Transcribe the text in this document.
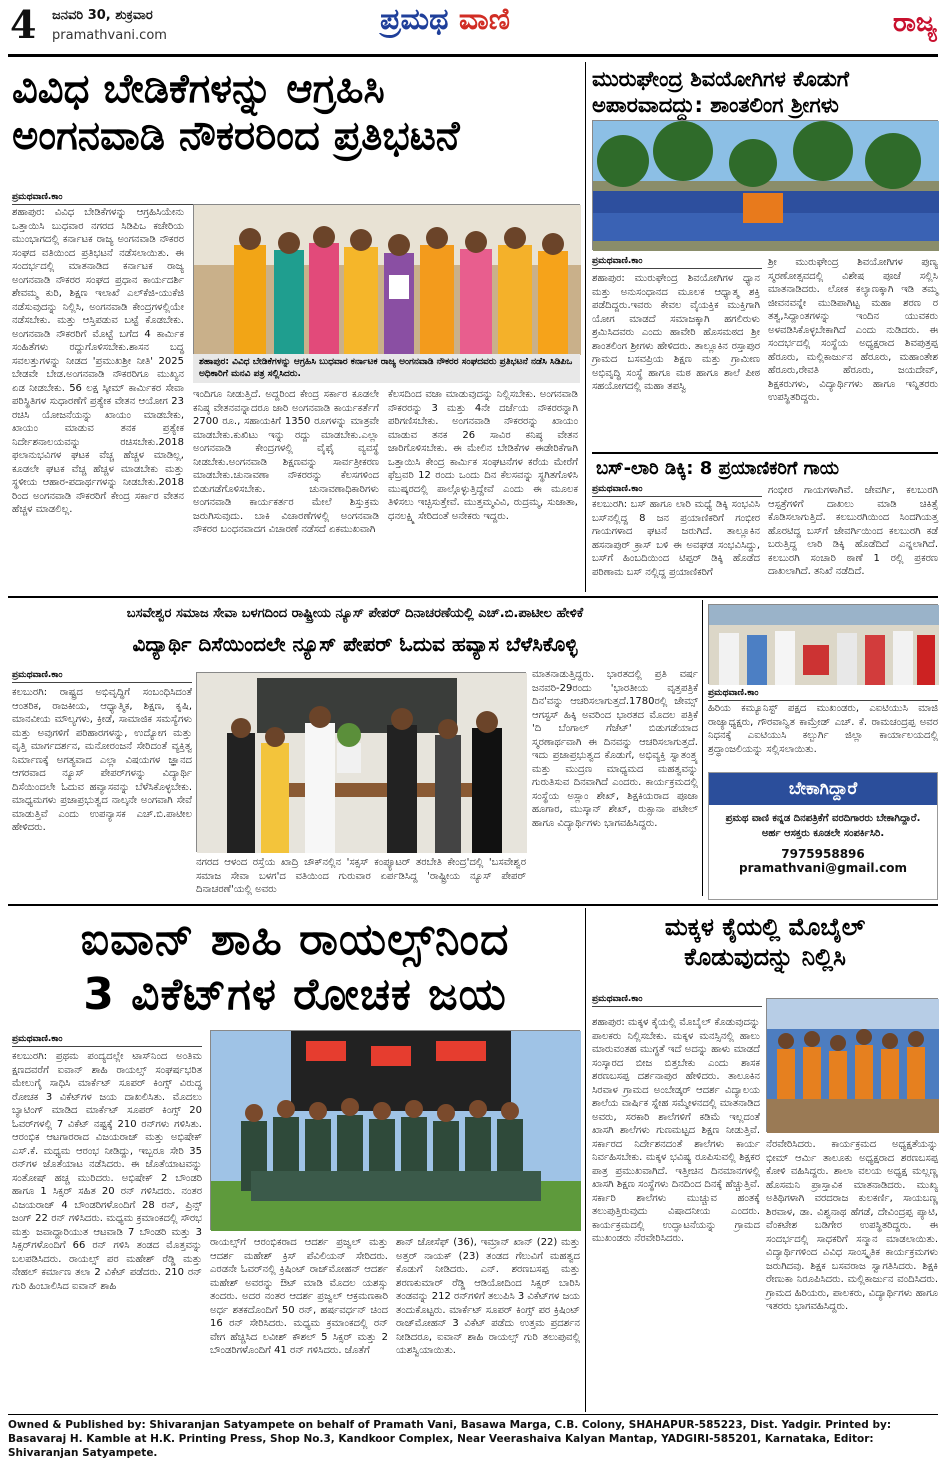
4 ಜನವರಿ 30, ಶುಕ್ರವಾರ
pramathvani.com	ಪ್ರಮಥ ವಾಣಿ	ರಾಜ್ಯ
ವಿವಿಧ ಬೇಡಿಕೆಗಳನ್ನು ಆಗ್ರಹಿಸಿ
ಅಂಗನವಾಡಿ ನೌಕರರಿಂದ ಪ್ರತಿಭಟನೆ
ಪ್ರಮಥವಾಣಿ.ಕಾಂ
ಶಹಾಪುರ: ವಿವಿಧ ಬೇಡಿಕೆಗಳನ್ನು ಆಗ್ರಹಿಸಿಯೇನು ಒತ್ತಾಯಿಸಿ ಬುಧವಾರ ನಗರದ ಸಿಡಿಪಿಒ ಕಚೇರಿಯ ಮುಂಭಾಗದಲ್ಲಿ ಕರ್ನಾಟಕ ರಾಜ್ಯ ಅಂಗನವಾಡಿ ನೌಕರರ ಸಂಘದ ವತಿಯಿಂದ ಪ್ರತಿಭಟನೆ ನಡೆಸಲಾಯಿತು. ಈ ಸಂದರ್ಭದಲ್ಲಿ ಮಾತನಾಡಿದ ಕರ್ನಾಟಕ ರಾಜ್ಯ ಅಂಗನವಾಡಿ ನೌಕರರ ಸಂಘದ ಪ್ರಧಾನ ಕಾರ್ಯದರ್ಶಿ ಶೇವಮ್ಮ ಕುರಿ, ಶಿಕ್ಷಣ ಇಲಾಖೆ ಎಲ್‌ಕೆಜಿ-ಯುಕೆಜಿ ನಡೆಸುವುದನ್ನು ನಿಲ್ಲಿಸಿ, ಅಂಗನವಾಡಿ ಕೇಂದ್ರಗಳಲ್ಲಿಯೇ ನಡೆಸಬೇಕು. ಮತ್ತು ಆಸ್ತಿಪಡುವ ಬಟ್ಟೆ ಕೊಡಬೇಕು. ಅಂಗನವಾಡಿ ನೌಕರರಿಗೆ ಮೊಟ್ಟೆ ಬಗೆದ 4 ಕಾರ್ಮಿಕ ಸಂಹಿತೆಗಳು ರದ್ದುಗೊಳಿಸಬೇಕು.ಶಾಸನ ಬದ್ಧ ಸವಲತ್ತುಗಳನ್ನು ನೀಡದ 'ಪ್ರಮುಖಶ್ರೀ ನೀತಿ' 2025 ಬೇಡವೇ ಬೇಡ.ಅಂಗನವಾಡಿ ನೌಕರರಿಗೂ ಮುಖ್ಯನ ಏಡ ನೀಡಬೇಕು. 56 ಲಕ್ಷ ಸ್ಕೀಮ್ ಕಾರ್ಮಿಕರ ಸೇವಾ ಪರಿಸ್ಥಿತಿಗಳ ಸುಧಾರಣೆಗೆ ಪ್ರತ್ಯೇಕ ವೇತನ ಆಯೋಗ 23 ರಚಿಸಿ ಯೋಜನೆಯನ್ನು ಖಾಯಂ ಮಾಡಬೇಕು, ಖಾಯಂ ಮಾಡುವ ತನಕ ಪ್ರತ್ಯೇಕ ನಿರ್ದೇಶನಾಲಯವನ್ನು ರಚಿಸಬೇಕು.2018 ಫಲಾನುಭವಿಗಳ ಘಟಕ ವೆಚ್ಚ ಹೆಚ್ಚಳ ಮಾಡಿಲ್ಲ, ಕೂಡಲೇ ಘಟಕ ವೆಚ್ಚ ಹೆಚ್ಚಳ ಮಾಡಬೇಕು ಮತ್ತು ಸ್ಥಳೀಯ ಆಹಾರ-ಪದಾರ್ಥಗಳನ್ನು ನೀಡಬೇಕು.2018 ರಿಂದ ಅಂಗನವಾಡಿ ನೌಕರರಿಗೆ ಕೇಂದ್ರ ಸರ್ಕಾರ ವೇತನ ಹೆಚ್ಚಳ ಮಾಡಲಿಲ್ಲ.
ಶಹಾಪುರ: ವಿವಿಧ ಬೇಡಿಕೆಗಳನ್ನು ಆಗ್ರಹಿಸಿ ಬುಧವಾರ ಕರ್ನಾಟಕ ರಾಜ್ಯ ಅಂಗನವಾಡಿ ನೌಕರರ ಸಂಘದವರು ಪ್ರತಿಭಟನೆ ನಡೆಸಿ ಸಿಡಿಪಿಒ ಅಧಿಕಾರಿಗೆ ಮನವಿ ಪತ್ರ ಸಲ್ಲಿಸಿದರು.
ಇಂದಿಗೂ ನೀಡುತ್ತಿದೆ. ಅದ್ದರಿಂದ ಕೇಂದ್ರ ಸರ್ಕಾರ ಕೂಡಲೇ ಕನಿಷ್ಠ ವೇತನವನ್ನಾದರೂ ಜಾರಿ ಅಂಗನವಾಡಿ ಕಾರ್ಯಕರ್ತೆಗೆ 2700 ರೂ., ಸಹಾಯಕಿಗೆ 1350 ರೂಗಳನ್ನು ಮಾತ್ರವೇ ಮಾಡಬೇಕು.ಕುಖಿಟು ಇನ್ನು ರದ್ದು ಮಾಡಬೇಕು.ಎಲ್ಲಾ ಅಂಗನವಾಡಿ ಕೇಂದ್ರಗಳಲ್ಲಿ ವೈಫೈ ವ್ಯವಸ್ಥೆ ನೀಡಬೇಕು.ಅಂಗನವಾಡಿ ಶಿಕ್ಷಣವನ್ನು ಸಾರ್ವತ್ರೀಕರಣ ಮಾಡಬೇಕು.ಚುನಾವಣಾ ನೌಕರರನ್ನು ಕೆಲಸಗಳಿಂದ ಬಿಡುಗಡೆಗೊಳಿಸಬೇಕು. ಚುನಾವಣಾಧಿಕಾರಿಗಳು ಅಂಗನವಾಡಿ ಕಾರ್ಯಕರ್ತರ ಮೇಲೆ ಶಿಸ್ತುಕ್ರಮ ಜರುಗಿಸುವುದು. ಬಾಕಿ ವಿಚಾರಣೆಗಳಲ್ಲಿ ಅಂಗನವಾಡಿ ನೌಕರರ ಬಂಧನವಾದಗ ವಿಚಾರಣೆ ನಡೆಸದೆ ಏಕಮುಖವಾಗಿ
ಕೆಲಸದಿಂದ ವಜಾ ಮಾಡುವುದನ್ನು ನಿಲ್ಲಿಸಬೇಕು. ಅಂಗನವಾಡಿ ನೌಕರರನ್ನು 3 ಮತ್ತು 4ನೇ ದರ್ಜೆಯ ನೌಕರರನ್ನಾಗಿ ಪರಿಗಣಿಸಬೇಕು. ಅಂಗನವಾಡಿ ನೌಕರರನ್ನು ಖಾಯಂ ಮಾಡುವ ತನಕ 26 ಸಾವಿರ ಕನಿಷ್ಠ ವೇತನ ಜಾರಿಗೊಳಿಸಬೇಕು. ಈ ಮೇಲಿನ ಬೇಡಿಕೆಗಳ ಈಡೇರಿಕೆಗಾಗಿ ಒತ್ತಾಯಿಸಿ ಕೇಂದ್ರ ಕಾರ್ಮಿಕ ಸಂಘಟನೆಗಳ ಕರೆಯ ಮೇರೆಗೆ ಫೆಬ್ರವರಿ 12 ರಂದು ಒಂದು ದಿನ ಕೆಲಸವನ್ನು ಸ್ಥಗಿತಗೊಳಿಸಿ ಮುಷ್ಕರದಲ್ಲಿ ಪಾಲ್ಗೊಳ್ಳುತ್ತಿದ್ದೇವೆ ಎಂದು ಈ ಮೂಲಕ ತಿಳಿಸಲು ಇಚ್ಛಿಸುತ್ತೇವೆ. ಮುತ್ತಮ್ಮವಿವಿ, ರುದ್ರಮ್ಮ, ಸುಜಾತಾ, ಧನಲಕ್ಷ್ಮಿ ಸೇರಿದಂತೆ ಅನೇಕರು ಇದ್ದರು.
ಮುರುಘೇಂದ್ರ ಶಿವಯೋಗಿಗಳ ಕೊಡುಗೆ
ಅಪಾರವಾದದ್ದು: ಶಾಂತಲಿಂಗ ಶ್ರೀಗಳು
ಪ್ರಮಥವಾಣಿ.ಕಾಂ
ಶಹಾಪುರ: ಮುರುಘೇಂದ್ರ ಶಿವಯೋಗಿಗಳ ಧ್ಯಾನ ಮತ್ತು ಅನುಸಂಧಾನದ ಮೂಲಕ ಆಧ್ಯಾತ್ಮ ಶಕ್ತಿ ಪಡೆದಿದ್ದರು.ಇವರು ಕೇವಲ ವೈಯಕ್ತಿಕ ಮುಕ್ತಿಗಾಗಿ ಯೋಗ ಮಾಡದೆ ಸಮಾಜಕ್ಕಾಗಿ ಹಗಲಿರುಳು ಶ್ರಮಿಸಿದವರು ಎಂದು ಹಾವೇರಿ ಹೊಸಮಠದ ಶ್ರೀ ಶಾಂತಲಿಂಗ ಶ್ರೀಗಳು ಹೇಳಿದರು. ತಾಲ್ಲೂಕಿನ ರಸ್ತಾಪುರ ಗ್ರಾಮದ ಬಸವಪ್ರಿಯ ಶಿಕ್ಷಣ ಮತ್ತು ಗ್ರಾಮೀಣ ಅಭಿವೃದ್ಧಿ ಸಂಸ್ಥೆ ಹಾಗೂ ಮಠ ಹಾಗೂ ಶಾಲೆ ಪೀಠ ಸಹಯೋಗದಲ್ಲಿ ಮಹಾ ತಪಸ್ವಿ
ಶ್ರೀ ಮುರುಘೇಂದ್ರ ಶಿವಯೋಗಿಗಳ ಪುಣ್ಯ ಸ್ಮರಣೋತ್ಸವದಲ್ಲಿ ವಿಶೇಷ ಪೂಜೆ ಸಲ್ಲಿಸಿ ಮಾತನಾಡಿದರು. ಲೋಕ ಕಲ್ಯಾಣಕ್ಕಾಗಿ ಇಡಿ ತಮ್ಮ ಜೀವನವನ್ನೇ ಮುಡಿಪಾಗಿಟ್ಟ ಮಹಾ ಶರಣ ರ ತತ್ವ,ಸಿದ್ದಾಂತಗಳನ್ನು ಇಂದಿನ ಯುವಕರು ಅಳವಡಿಸಿಕೊಳ್ಳಬೇಕಾಗಿದೆ ಎಂದು ನುಡಿದರು. ಈ ಸಂದರ್ಭದಲ್ಲಿ ಸಂಸ್ಥೆಯ ಅಧ್ಯಕ್ಷರಾದ ಶಿವಪುತ್ರಪ್ಪ ಹೆರೂರು, ಮಲ್ಲಿಕಾರ್ಜುನ ಹೆರೂರು, ಮಹಾಂತೇಶ ಹೆರೂರು,ರೇವತಿ ಹೆರೂರು, ಜಯದೇವ್, ಶಿಕ್ಷಕರುಗಳು, ವಿದ್ಯಾರ್ಥಿಗಳು ಹಾಗೂ ಇನ್ನಿತರರು ಉಪಸ್ಥಿತರಿದ್ದರು.
ಬಸ್-ಲಾರಿ ಡಿಕ್ಕಿ: 8 ಪ್ರಯಾಣಿಕರಿಗೆ ಗಾಯ
ಪ್ರಮಥವಾಣಿ.ಕಾಂ
ಕಲಬುರಗಿ: ಬಸ್ ಹಾಗೂ ಲಾರಿ ಮಧ್ಯೆ ಡಿಕ್ಕಿ ಸಂಭವಿಸಿ ಬಸ್‌ನಲ್ಲಿದ್ದ 8 ಜನ ಪ್ರಯಾಣಿಕರಿಗೆ ಗಂಭೀರ ಗಾಯಗಳಾದ ಘಟನೆ ಜರುಗಿದೆ. ತಾಲ್ಲೂಕಿನ ಹಸನಾಪುರ್ ಕ್ರಾಸ್ ಬಳಿ ಈ ಅವಘಡ ಸಂಭವಿಸಿದ್ದು, ಬಸ್‌ಗೆ ಹಿಂಬದಿಯಿಂದ ಟಿಪ್ಪರ್ ಡಿಕ್ಕಿ ಹೊಡೆದ ಪರಿಣಾಮ ಬಸ್ ನಲ್ಲಿದ್ದ ಪ್ರಯಾಣಿಕರಿಗೆ
ಗಂಭೀರ ಗಾಯಗಳಾಗಿವೆ. ಜೇವರ್ಗಿ, ಕಲಬುರಗಿ ಆಸ್ಪತ್ರೆಗಳಿಗೆ ದಾಖಲು ಮಾಡಿ ಚಿಕಿತ್ಸೆ ಕೊಡಿಸಲಾಗುತ್ತಿದೆ. ಕಲಬುರಗಿಯಿಂದ ಸಿಂದಗಿಯತ್ತ ಹೊರಟಿದ್ದ ಬಸ್‌ಗೆ ಜೇವರ್ಗಿಯಿಂದ ಕಲಬುರಗಿ ಕಡೆ ಬರುತ್ತಿದ್ದ ಲಾರಿ ಡಿಕ್ಕಿ ಹೊಡೆದಿದೆ ಎನ್ನಲಾಗಿದೆ. ಕಲಬುರಗಿ ಸಂಚಾರಿ ಠಾಣೆ 1 ರಲ್ಲಿ ಪ್ರಕರಣ ದಾಖಲಾಗಿದೆ. ತನಿಖೆ ನಡೆದಿದೆ.
ಬಸವೇಶ್ವರ ಸಮಾಜ ಸೇವಾ ಬಳಗದಿಂದ ರಾಷ್ಟ್ರೀಯ ನ್ಯೂಸ್ ಪೇಪರ್ ದಿನಾಚರಣೆಯಲ್ಲಿ ಎಚ್.ಬಿ.ಪಾಟೀಲ ಹೇಳಿಕೆ
ವಿದ್ಯಾರ್ಥಿ ದಿಸೆಯಿಂದಲೇ ನ್ಯೂಸ್ ಪೇಪರ್ ಓದುವ ಹವ್ಯಾಸ ಬೆಳೆಸಿಕೊಳ್ಳಿ
ಪ್ರಮಥವಾಣಿ.ಕಾಂ
ಕಲಬುರಗಿ: ರಾಷ್ಟ್ರದ ಅಭಿವೃದ್ಧಿಗೆ ಸಂಬಂಧಿಸಿದಂತೆ ಆಂತರಿಕ, ರಾಜಕೀಯ, ಆಧ್ಯಾತ್ಮಿಕ, ಶಿಕ್ಷಣ, ಕೃಷಿ, ಮಾನವೀಯ ಮೌಲ್ಯಗಳು, ಕ್ರೀಡೆ, ಸಾಮಾಜಿಕ ಸಮಸ್ಯೆಗಳು ಮತ್ತು ಅವುಗಳಿಗೆ ಪರಿಹಾರಗಳನ್ನು, ಉದ್ಯೋಗ ಮತ್ತು ವೃತ್ತಿ ಮಾರ್ಗದರ್ಶನ, ಮನೋರಂಜನೆ ಸೇರಿದಂತೆ ವ್ಯಕ್ತಿತ್ವ ನಿರ್ಮಾಣಕ್ಕೆ ಅಗತ್ಯವಾದ ಎಲ್ಲಾ ವಿಷಯಗಳ ಜ್ಞಾನದ ಆಗರವಾದ ನ್ಯೂಸ್ ಪೇಪರ್‌ಗಳನ್ನು ವಿದ್ಯಾರ್ಥಿ ದಿಸೆಯಿಂದಲೇ ಓದುವ ಹವ್ಯಾಸವನ್ನು ಬೆಳೆಸಿಕೊಳ್ಳಬೇಕು. ಮಾಧ್ಯಮಗಳು ಪ್ರಜಾಪ್ರಭುತ್ವದ ನಾಲ್ಕನೇ ಅಂಗವಾಗಿ ಸೇವೆ ಮಾಡುತ್ತಿವೆ ಎಂದು ಉಪನ್ಯಾಸಕ ಎಚ್.ಬಿ.ಪಾಟೀಲ ಹೇಳಿದರು.
ನಗರದ ಆಳಂದ ರಸ್ತೆಯ ಖಾದ್ರಿ ಚೌಕ್‌ನಲ್ಲಿನ 'ಸಕ್ಸಸ್ ಕಂಪ್ಯೂಟರ್ ತರಬೇತಿ ಕೇಂದ್ರ'ದಲ್ಲಿ 'ಬಸವೇಶ್ವರ ಸಮಾಜ ಸೇವಾ ಬಳಗ'ದ ವತಿಯಿಂದ ಗುರುವಾರ ಏರ್ಪಡಿಸಿದ್ದ 'ರಾಷ್ಟ್ರೀಯ ನ್ಯೂಸ್ ಪೇಪರ್ ದಿನಾಚರಣೆ'ಯಲ್ಲಿ ಅವರು
ಮಾತನಾಡುತ್ತಿದ್ದರು. ಭಾರತದಲ್ಲಿ ಪ್ರತಿ ವರ್ಷ ಜನವರಿ-29ರಂದು 'ಭಾರತೀಯ ವೃತ್ತಪತ್ರಿಕೆ ದಿನ'ವನ್ನು ಆಚರಿಸಲಾಗುತ್ತದೆ.1780ರಲ್ಲಿ ಜೇಮ್ಸ್ ಆಗಸ್ಟಸ್ ಹಿಕ್ಕಿ ಅವರಿಂದ ಭಾರತದ ಮೊದಲ ಪತ್ರಿಕೆ 'ದಿ ಬೆಂಗಾಲ್ ಗೆಜೆಟ್' ಬಿಡುಗಡೆಯಾದ ಸ್ಮರಣಾರ್ಥವಾಗಿ ಈ ದಿನವನ್ನು ಆಚರಿಸಲಾಗುತ್ತದೆ. ಇದು ಪ್ರಜಾಪ್ರಭುತ್ವದ ಕೊಡುಗೆ, ಅಭಿವ್ಯಕ್ತಿ ಸ್ವಾತಂತ್ರ್ಯ ಮತ್ತು ಮುದ್ರಣ ಮಾಧ್ಯಮದ ಮಹತ್ವವನ್ನು ಗುರುತಿಸುವ ದಿನವಾಗಿದೆ ಎಂದರು. ಕಾರ್ಯಕ್ರಮದಲ್ಲಿ ಸಂಸ್ಥೆಯ ಅಸ್ಲಾಂ ಶೇಖ್, ಶಿಕ್ಷಕಿಯರಾದ ಪೂಜಾ ಹೂಗಾರ, ಮುಸ್ಕಾನ್ ಶೇಖ್, ರುಕ್ಸಾನಾ ಪಟೇಲ್ ಹಾಗೂ ವಿದ್ಯಾರ್ಥಿಗಳು ಭಾಗವಹಿಸಿದ್ದರು.
ಪ್ರಮಥವಾಣಿ.ಕಾಂ
ಹಿರಿಯ ಕಮ್ಯೂನಿಸ್ಟ್ ಪಕ್ಷದ ಮುಖಂಡರು, ಎಐಟಿಯುಸಿ ಮಾಜಿ ರಾಜ್ಯಾಧ್ಯಕ್ಷರು, ಗೌರವಾನ್ವಿತ ಕಾಮ್ರೇಡ್ ಎಚ್. ಕೆ. ರಾಮಚಂದ್ರಪ್ಪ ಅವರ ನಿಧನಕ್ಕೆ ಎಐಟಿಯುಸಿ ಕಲ್ಬುರ್ಗಿ ಜಿಲ್ಲಾ ಕಾರ್ಯಾಲಯದಲ್ಲಿ ಶ್ರದ್ಧಾಂಜಲಿಯನ್ನು ಸಲ್ಲಿಸಲಾಯಿತು.
ಬೇಕಾಗಿದ್ದಾರೆ
ಪ್ರಮಥ ವಾಣಿ ಕನ್ನಡ ದಿನಪತ್ರಿಕೆಗೆ ವರದಿಗಾರರು ಬೇಕಾಗಿದ್ದಾರೆ. ಅರ್ಹ ಆಸಕ್ತರು ಕೂಡಲೇ ಸಂಪರ್ಕಿಸಿರಿ.
7975958896
pramathvani@gmail.com
ಐವಾನ್ ಶಾಹಿ ರಾಯಲ್ಸ್‌ನಿಂದ
3 ವಿಕೆಟ್‌ಗಳ ರೋಚಕ ಜಯ
ಪ್ರಮಥವಾಣಿ.ಕಾಂ
ಕಲಬುರಗಿ: ಪ್ರಥಮ ಪಂದ್ಯದಲ್ಲೇ ಟಾಸ್‌ನಿಂದ ಅಂತಿಮ ಕ್ಷಣದವರೆಗೆ ಐವಾನ್ ಶಾಹಿ ರಾಯಲ್ಸ್ ಸಂಘರ್ಷಭರಿತ ಮೇಲುಗೈ ಸಾಧಿಸಿ ಮಾರ್ಕೆಟ್ ಸೂಪರ್ ಕಿಂಗ್ಸ್ ವಿರುದ್ಧ ರೋಚಕ 3 ವಿಕೆಟ್‌ಗಳ ಜಯ ದಾಖಲಿಸಿತು. ಮೊದಲು ಬ್ಯಾಟಿಂಗ್ ಮಾಡಿದ ಮಾರ್ಕೆಟ್ ಸೂಪರ್ ಕಿಂಗ್ಸ್ 20 ಓವರ್‌ಗಳಲ್ಲಿ 7 ವಿಕೆಟ್ ನಷ್ಟಕ್ಕೆ 210 ರನ್‌ಗಳು ಗಳಿಸಿತು. ಆರಂಭಿಕ ಆಟಗಾರರಾದ ವಿಜಯರಾಜ್ ಮತ್ತು ಅಭಿಷೇಕ್ ಎಸ್.ಕೆ. ಮಧ್ಯಮ ಆರಂಭ ನೀಡಿದ್ದು, ಇಬ್ಬರೂ ಸೇರಿ 35 ರನ್‌ಗಳ ಜೊತೆಯಾಟ ನಡೆಸಿದರು. ಈ ಜೊತೆಯಾಟವನ್ನು ಸಂತೋಷ್ ಹಚ್ಚ ಮುರಿದರು. ಅಭಿಷೇಕ್ 2 ಬೌಂಡರಿ ಹಾಗೂ 1 ಸಿಕ್ಸರ್ ಸಹಿತ 20 ರನ್ ಗಳಿಸಿದರು. ನಂತರ ವಿಜಯರಾಜ್ 4 ಬೌಂಡರಿಗಳೊಂದಿಗೆ 28 ರನ್, ಪ್ರಿನ್ಸ್ ಜಂಗ್‌ 22 ರನ್ ಗಳಿಸಿದರು. ಮಧ್ಯಮ ಕ್ರಮಾಂಕದಲ್ಲಿ ಸೌರಭ ಮತ್ತು ಜವಾದ್ದಾರಿಯುತ ಆಟವಾಡಿ 7 ಬೌಂಡರಿ ಮತ್ತು 3 ಸಿಕ್ಸರ್‌ಗಳೊಂದಿಗೆ 66 ರನ್ ಗಳಿಸಿ ತಂಡದ ಮೊತ್ತವನ್ನು ಬಲಪಡಿಸಿದರು. ರಾಯಲ್ಸ್ ಪರ ಮಹೇಶ್ ರೆಡ್ಡಿ ಮತ್ತು ನೇಹಲ್ ಕರ್ಮಾಣ ತಲಾ 2 ವಿಕೆಟ್ ಪಡೆದರು. 210 ರನ್ ಗುರಿ ಹಿಂಬಾಲಿಸಿದ ಐವಾನ್ ಶಾಹಿ
ರಾಯಲ್ಸ್‌ಗೆ ಆರಂಭಿಕರಾದ ಆದರ್ಶ ಪ್ರಜ್ವಲ್ ಮತ್ತು ಆದರ್ಶ ಮಹೇಶ್ ಕ್ರಿಸ್ ಪೆವಿಲಿಯನ್ ಸೇರಿದರು. ಎರಡನೇ ಓವರ್‌ನಲ್ಲಿ ಕ್ರಿಷಿಂಟ್ ರಾಜ್‌ಮೋಹನ್ ಆದರ್ಶ ಮಹೇಶ್ ಅವರನ್ನು ಔಟ್ ಮಾಡಿ ಮೊದಲ ಯಶಸ್ಸು ತಂದರು. ಅದರ ನಂತರ ಆದರ್ಶ ಪ್ರಜ್ವಲ್ ಆಕ್ರಮಣಕಾರಿ ಅರ್ಧ ಶತಕದೊಂದಿಗೆ 50 ರನ್, ಹರ್ಷವರ್ಧನ್ ಚಿಂದ 16 ರನ್ ಸೇರಿಸಿದರು. ಮಧ್ಯಮ ಕ್ರಮಾಂಕದಲ್ಲಿ ರನ್ ವೇಗ ಹೆಚ್ಚಿಸಿದ ಲವೀಶ್ ಕೌಶಲ್ 5 ಸಿಕ್ಸರ್ ಮತ್ತು 2 ಬೌಂಡರಿಗಳೊಂದಿಗೆ 41 ರನ್ ಗಳಿಸಿದರು. ಜೊತೆಗೆ
ಶಾನ್ ಜೋಸೆಫ್ (36), ಇಮ್ರಾನ್ ಖಾನ್ (22) ಮತ್ತು ಅತ್ತರ್ ನಾಯಕ್ (23) ತಂಡದ ಗೆಲುವಿಗೆ ಮಹತ್ವದ ಕೊಡುಗೆ ನೀಡಿದರು. ಎನ್. ಶರಣಬಸಪ್ಪ ಮತ್ತು ಶರಣಕುಮಾರ್ ರೆಡ್ಡಿ ಆಡಿಯೋದಿಂದ ಸಿಕ್ಸರ್ ಬಾರಿಸಿ ತಂಡವನ್ನು 212 ರನ್‌ಗಳಿಗೆ ತಲುಪಿಸಿ 3 ವಿಕೆಟ್‌ಗಳ ಜಯ ತಂದುಕೊಟ್ಟರು. ಮಾರ್ಕೆಟ್ ಸೂಪರ್ ಕಿಂಗ್ಸ್ ಪರ ಕ್ರಿಷಿಂಟ್ ರಾಜ್‌ಮೋಹನ್ 3 ವಿಕೆಟ್ ಪಡೆದು ಉತ್ತಮ ಪ್ರದರ್ಶನ ನೀಡಿದರೂ, ಐವಾನ್ ಶಾಹಿ ರಾಯಲ್ಸ್ ಗುರಿ ತಲುಪುವಲ್ಲಿ ಯಶಸ್ವಿಯಾಯಿತು.
ಮಕ್ಕಳ ಕೈಯಲ್ಲಿ ಮೊಬೈಲ್
ಕೊಡುವುದನ್ನು ನಿಲ್ಲಿಸಿ
ಪ್ರಮಥವಾಣಿ.ಕಾಂ
ಶಹಾಪುರ: ಮಕ್ಕಳ ಕೈಯಲ್ಲಿ ಮೊಬೈಲ್ ಕೊಡುವುದನ್ನು ಪಾಲಕರು ನಿಲ್ಲಿಸಬೇಕು. ಮಕ್ಕಳ ಮನಸ್ಸಿನಲ್ಲಿ ಹಾಲು ಮಾರುವಂತಹ ಮುಗ್ಧತೆ ಇದೆ ಅದನ್ನು ಹಾಳು ಮಾಡದೆ ಸಂಸ್ಕಾರದ ಬೀಜ ಬಿತ್ತಬೇಕು ಎಂದು ಶಾಸಕ ಶರಣಬಸಪ್ಪ ದರ್ಶನಾಪುರ ಹೇಳಿದರು. ತಾಲೂಕಿನ ಸಿರವಾಳ ಗ್ರಾಮದ ಅಂಬೇಡ್ಕರ್ ಆದರ್ಶ ವಿದ್ಯಾಲಯ ಶಾಲೆಯ ವಾರ್ಷಿಕ ಸ್ನೇಹ ಸಮ್ಮೇಳನದಲ್ಲಿ ಮಾತನಾಡಿದ ಅವರು, ಸರಕಾರಿ ಶಾಲೆಗಳಿಗೆ ಕಡಿಮೆ ಇಲ್ಲದಂತೆ ಖಾಸಗಿ ಶಾಲೆಗಳು ಗುಣಮಟ್ಟದ ಶಿಕ್ಷಣ ನೀಡುತ್ತಿವೆ. ಸರ್ಕಾರದ ನಿರ್ದೇಶನದಂತೆ ಶಾಲೆಗಳು ಕಾರ್ಯ ನಿರ್ವಹಿಸಬೇಕು. ಮಕ್ಕಳ ಭವಿಷ್ಯ ರೂಪಿಸುವಲ್ಲಿ ಶಿಕ್ಷಕರ ಪಾತ್ರ ಪ್ರಮುಖವಾಗಿದೆ. ಇತ್ತೀಚಿನ ದಿನಮಾನಗಳಲ್ಲಿ ಖಾಸಗಿ ಶಿಕ್ಷಣ ಸಂಸ್ಥೆಗಳು ದಿನದಿಂದ ದಿನಕ್ಕೆ ಹೆಚ್ಚುತ್ತಿವೆ. ಸರ್ಕಾರಿ ಶಾಲೆಗಳು ಮುಚ್ಚುವ ಹಂತಕ್ಕೆ ತಲುಪುತ್ತಿರುವುದು ವಿಷಾದನೀಯ ಎಂದರು. ಕಾರ್ಯಕ್ರಮದಲ್ಲಿ ಉದ್ಘಾಟನೆಯನ್ನು ಗ್ರಾಮದ ಮುಖಂಡರು ನೆರವೇರಿಸಿದರು.
ನೆರವೇರಿಸಿದರು. ಕಾರ್ಯಕ್ರಮದ ಅಧ್ಯಕ್ಷತೆಯನ್ನು ಭೀಮ್ ಆರ್ಮಿ ತಾಲೂಕು ಅಧ್ಯಕ್ಷರಾದ ಶರಣಬಸಪ್ಪ ಕೋಳಿ ವಹಿಸಿದ್ದರು. ಶಾಲಾ ವಲಯ ಅಧ್ಯಕ್ಷ ಮಲ್ಲಣ್ಣ ಹೊಸಮನಿ ಪ್ರಾಸ್ತಾವಿಕ ಮಾತನಾಡಿದರು. ಮುಖ್ಯ ಅತಿಥಿಗಳಾಗಿ ವರದರಾಜ ಕುಲಕರ್ಣಿ, ಸಾಯಬಣ್ಣ ಶಿರವಾಳ, ಡಾ. ವಿಶ್ವನಾಥ ಹೆಗಡೆ, ದೇವಿಂದ್ರಪ್ಪ ಪ್ಯಾಟಿ, ವೆಂಕಟೇಶ ಬಡಿಗೇರ ಉಪಸ್ಥಿತರಿದ್ದರು. ಈ ಸಂದರ್ಭದಲ್ಲಿ ಸಾಧಕರಿಗೆ ಸನ್ಮಾನ ಮಾಡಲಾಯಿತು. ವಿದ್ಯಾರ್ಥಿಗಳಿಂದ ವಿವಿಧ ಸಾಂಸ್ಕೃತಿಕ ಕಾರ್ಯಕ್ರಮಗಳು ಜರುಗಿದವು. ಶಿಕ್ಷಕ ಬಸವರಾಜ ಸ್ವಾಗತಿಸಿದರು. ಶಿಕ್ಷಕಿ ರೇಣುಕಾ ನಿರೂಪಿಸಿದರು. ಮಲ್ಲಿಕಾರ್ಜುನ ವಂದಿಸಿದರು. ಗ್ರಾಮದ ಹಿರಿಯರು, ಪಾಲಕರು, ವಿದ್ಯಾರ್ಥಿಗಳು ಹಾಗೂ ಇತರರು ಭಾಗವಹಿಸಿದ್ದರು.
Owned & Published by: Shivaranjan Satyampete on behalf of Pramath Vani, Basawa Marga, C.B. Colony, SHAHAPUR-585223, Dist. Yadgir. Printed by: Basavaraj H. Kamble at H.K. Printing Press, Shop No.3, Kandkoor Complex, Near Veerashaiva Kalyan Mantap, YADGIRI-585201, Karnataka, Editor: Shivaranjan Satyampete.
